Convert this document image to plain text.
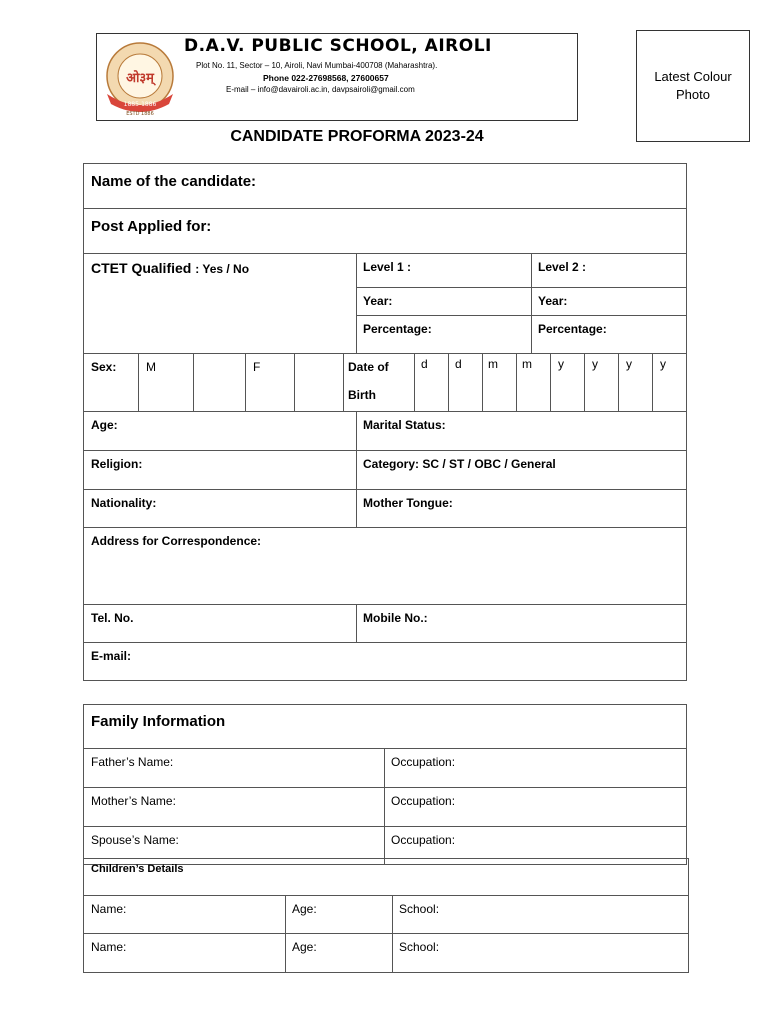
ओ३म्
1885-1886
ESTD 1886
D.A.V. PUBLIC SCHOOL, AIROLI
Plot No. 11, Sector – 10, Airoli, Navi Mumbai-400708 (Maharashtra).
Phone 022-27698568, 27600657
E-mail – info@davairoli.ac.in, davpsairoli@gmail.com
Latest Colour
Photo
CANDIDATE PROFORMA 2023-24
Name of the candidate:
Post Applied for:
CTET Qualified : Yes / No	Level 1 :	Level 2 :
Year:	Year:
Percentage:	Percentage:
Sex:	M	F	Date of
Birth
d d m m y y y y
Age:	Marital Status:
Religion:	Category: SC / ST / OBC / General
Nationality:	Mother Tongue:
Address for Correspondence:
Tel. No.	Mobile No.:
E-mail:
Family Information
Father’s Name:	Occupation:
Mother’s Name:	Occupation:
Spouse’s Name:	Occupation:
Children’s Details
Name:	Age:	School:
Name:	Age:	School:
